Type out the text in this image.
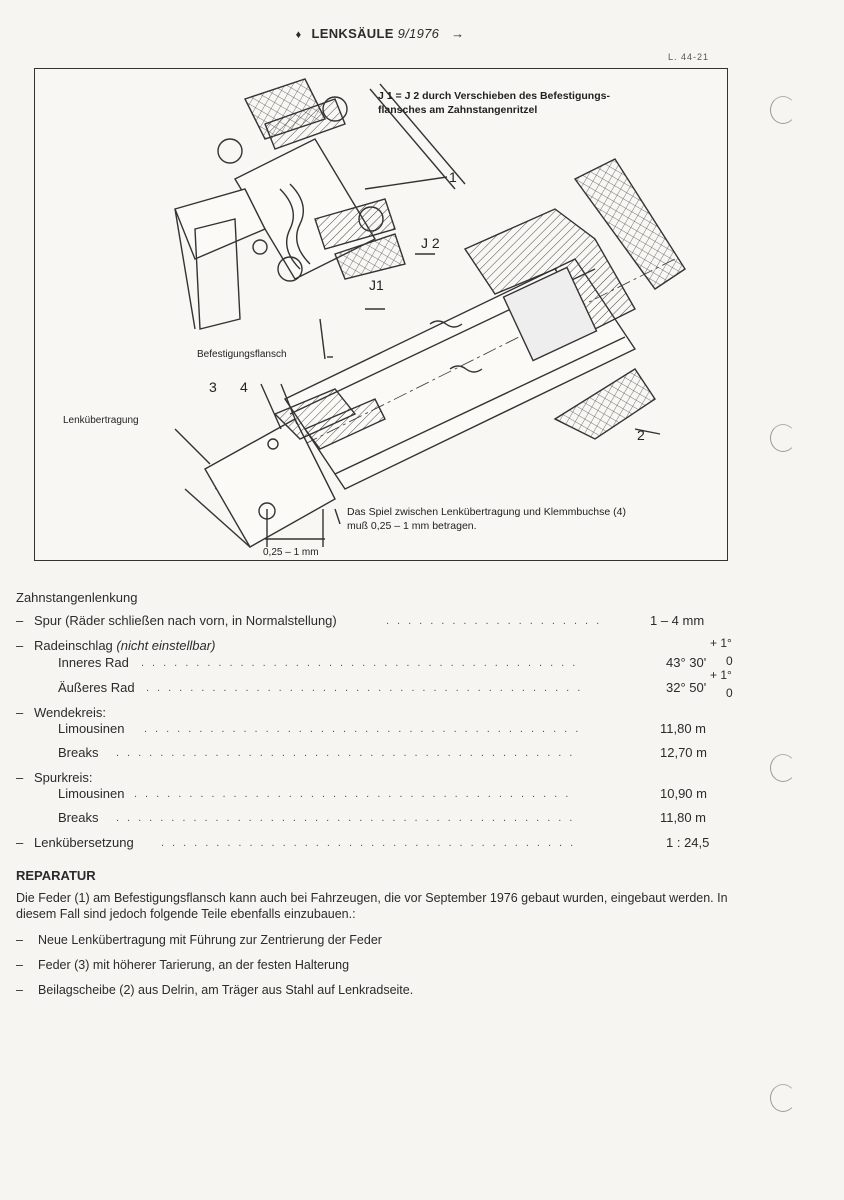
♦ LENKSÄULE 9/1976 →
L. 44-21
J 1 = J 2 durch Verschieben des Befestigungs-
flansches am Zahnstangenritzel
1
J 2
J1
Befestigungsflansch
3 4
Lenkübertragung
2
Das Spiel zwischen Lenkübertragung und Klemmbuchse (4)
muß 0,25 – 1 mm betragen.
0,25 – 1 mm
Zahnstangenlenkung
– Spur (Räder schließen nach vorn, in Normalstellung)	....................	1 – 4 mm
– Radeinschlag (nicht einstellbar)
Inneres Rad ........................................	43° 30'
+ 1°
0
Äußeres Rad ........................................	32° 50'
+ 1°
0
– Wendekreis:
Limousinen ........................................	11,80 m
Breaks ..........................................	12,70 m
– Spurkreis:
Limousinen ........................................	10,90 m
Breaks ..........................................	11,80 m
– Lenkübersetzung ......................................	1 : 24,5
REPARATUR
Die Feder (1) am Befestigungsflansch kann auch bei Fahrzeugen, die vor September 1976 gebaut wurden, eingebaut werden. In diesem Fall sind jedoch folgende Teile ebenfalls einzubauen.:
– Neue Lenkübertragung mit Führung zur Zentrierung der Feder
– Feder (3) mit höherer Tarierung, an der festen Halterung
– Beilagscheibe (2) aus Delrin, am Träger aus Stahl auf Lenkradseite.
